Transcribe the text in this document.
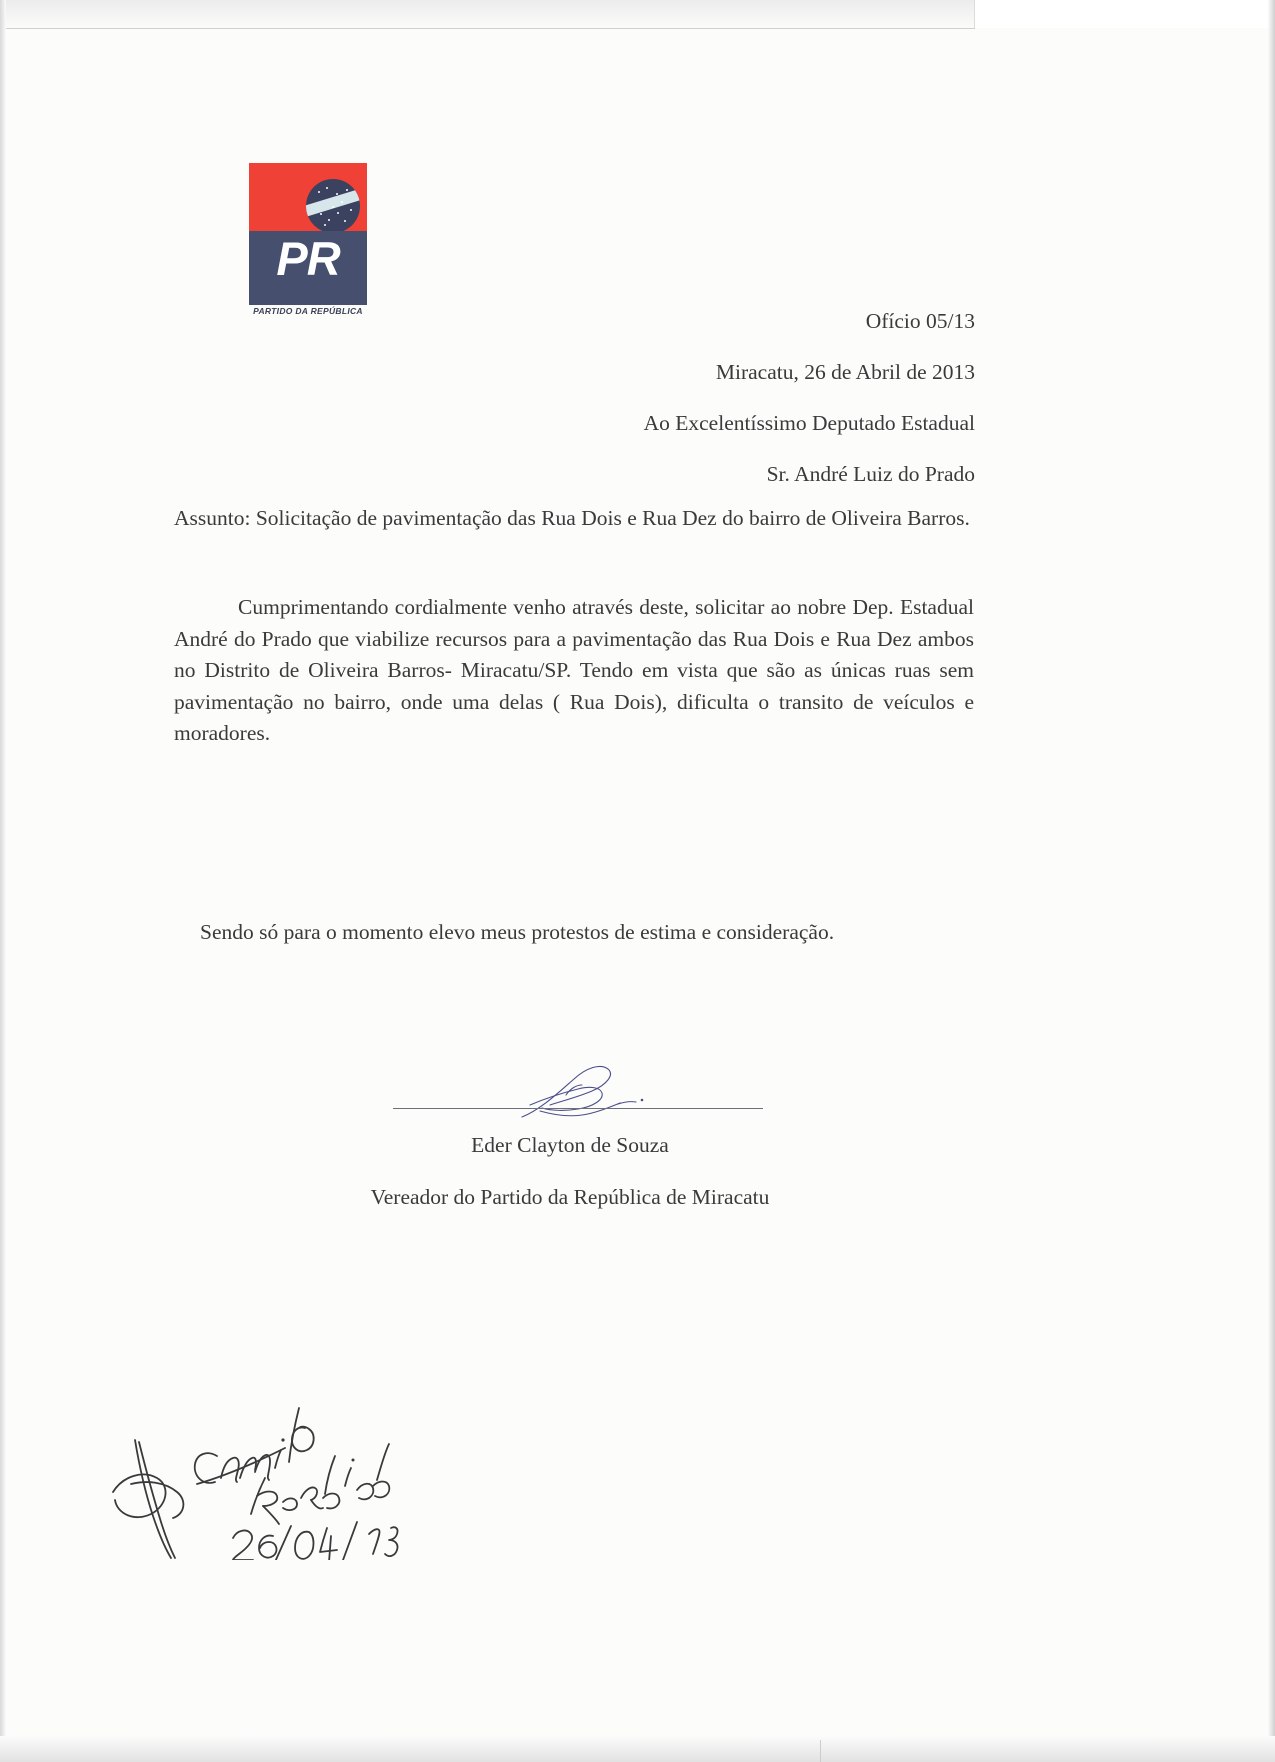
PR
PARTIDO DA REPÚBLICA	Ofício 05/13
Miracatu, 26 de Abril de 2013
Ao Excelentíssimo Deputado Estadual
Sr. André Luiz do Prado
Assunto: Solicitação de pavimentação das Rua Dois e Rua Dez do bairro de Oliveira Barros.
Cumprimentando cordialmente venho através deste, solicitar ao nobre Dep. Estadual André do Prado que viabilize recursos para a pavimentação das Rua Dois e Rua Dez ambos no Distrito de Oliveira Barros- Miracatu/SP. Tendo em vista que são as únicas ruas sem pavimentação no bairro, onde uma delas ( Rua Dois), dificulta o transito de veículos e moradores.
Sendo só para o momento elevo meus protestos de estima e consideração.
Eder Clayton de Souza
Vereador do Partido da República de Miracatu
